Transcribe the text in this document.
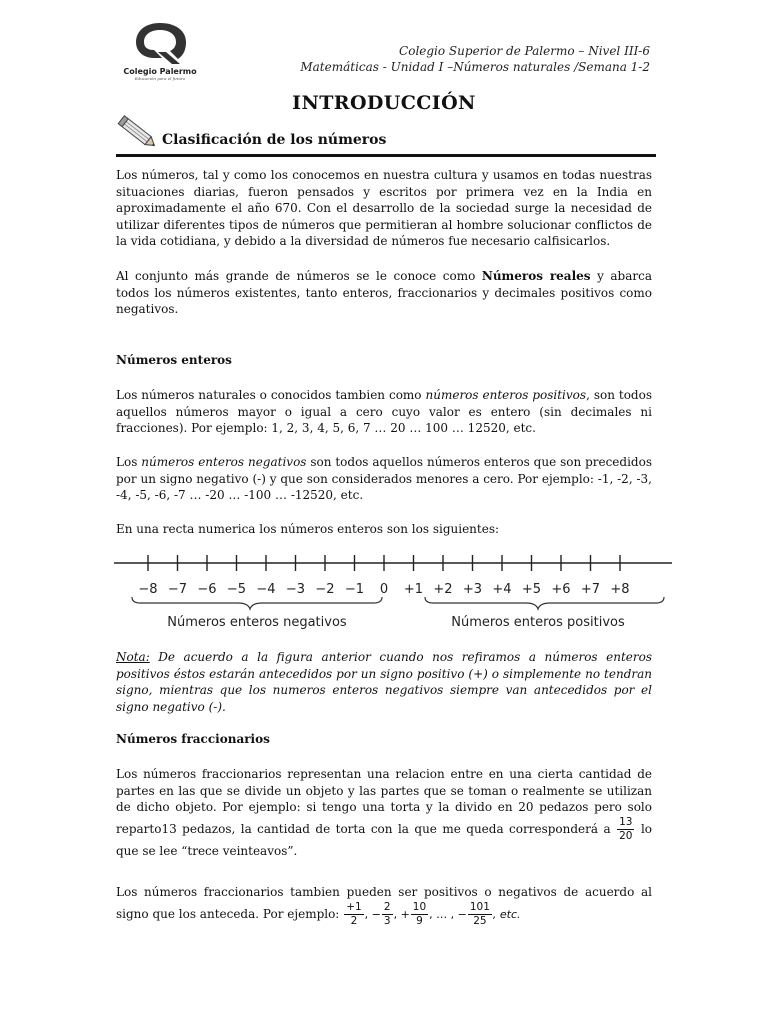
Colegio Palermo
Educación para el futuro
Colegio Superior de Palermo – Nivel III-6
Matemáticas - Unidad I –Números naturales /Semana 1-2
INTRODUCCIÓN
Clasificación de los números
Los números, tal y como los conocemos en nuestra cultura y usamos en todas nuestras situaciones diarias, fueron pensados y escritos por primera vez en la India en aproximadamente el año 670. Con el desarrollo de la sociedad surge la necesidad de utilizar diferentes tipos de números que permitieran al hombre solucionar conflictos de la vida cotidiana, y debido a la diversidad de números fue necesario calfisicarlos.
Al conjunto más grande de números se le conoce como Números reales y abarca todos los números existentes, tanto enteros, fraccionarios y decimales positivos como negativos.
Números enteros
Los números naturales o conocidos tambien como números enteros positivos, son todos aquellos números mayor o igual a cero cuyo valor es entero (sin decimales ni fracciones). Por ejemplo: 1, 2, 3, 4, 5, 6, 7 … 20 … 100 … 12520, etc.
Los números enteros negativos son todos aquellos números enteros que son precedidos por un signo negativo (-) y que son considerados menores a cero. Por ejemplo: -1, -2, -3, -4, -5, -6, -7 … -20 … -100 … -12520, etc.
En una recta numerica los números enteros son los siguientes:
−8 −7 −6 −5 −4 −3 −2 −1 0 +1 +2 +3 +4 +5 +6 +7 +8
Números enteros negativos	Números enteros positivos
Nota: De acuerdo a la figura anterior cuando nos refiramos a números enteros positivos éstos estarán antecedidos por un signo positivo (+) o simplemente no tendran signo, mientras que los numeros enteros negativos siempre van antecedidos por el signo negativo (-).
Números fraccionarios
Los números fraccionarios representan una relacion entre en una cierta cantidad de partes en las que se divide un objeto y las partes que se toman o realmente se utilizan de dicho objeto. Por ejemplo: si tengo una torta y la divido en 20 pedazos pero solo reparto13 pedazos, la cantidad de torta con la que me queda corresponderá a $\frac{13}{20}$ lo que se lee “trece veinteavos”.
Los números fraccionarios tambien pueden ser positivos o negativos de acuerdo al signo que los anteceda. Por ejemplo: $\frac{+1}{2}$ , − $\frac{2}{3}$ , + $\frac{10}{9}$ , … , − $\frac{101}{25}$ , etc.
